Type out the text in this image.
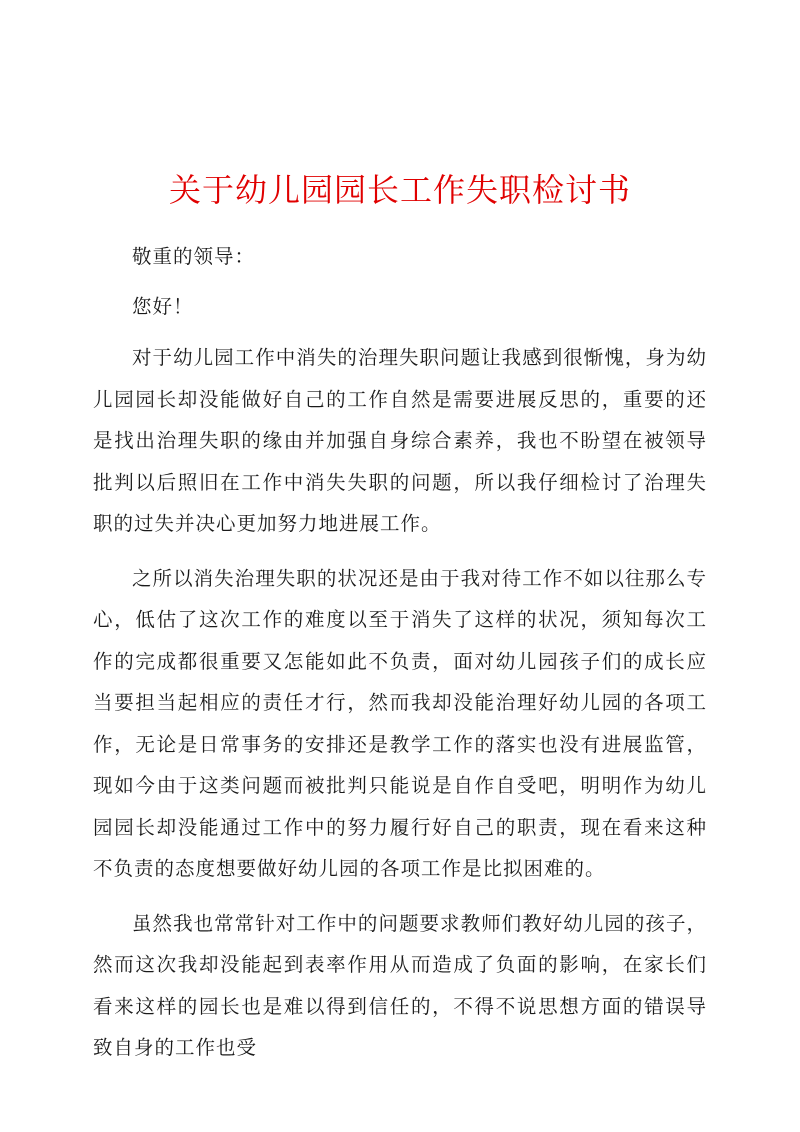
关于幼儿园园长工作失职检讨书

敬重的领导：

您好！

对于幼儿园工作中消失的治理失职问题让我感到很惭愧，身为幼儿园园长却没能做好自己的工作自然是需要进展反思的，重要的还是找出治理失职的缘由并加强自身综合素养，我也不盼望在被领导批判以后照旧在工作中消失失职的问题，所以我仔细检讨了治理失职的过失并决心更加努力地进展工作。

之所以消失治理失职的状况还是由于我对待工作不如以往那么专心，低估了这次工作的难度以至于消失了这样的状况，须知每次工作的完成都很重要又怎能如此不负责，面对幼儿园孩子们的成长应当要担当起相应的责任才行，然而我却没能治理好幼儿园的各项工作，无论是日常事务的安排还是教学工作的落实也没有进展监管，现如今由于这类问题而被批判只能说是自作自受吧，明明作为幼儿园园长却没能通过工作中的努力履行好自己的职责，现在看来这种不负责的态度想要做好幼儿园的各项工作是比拟困难的。

虽然我也常常针对工作中的问题要求教师们教好幼儿园的孩子，然而这次我却没能起到表率作用从而造成了负面的影响，在家长们看来这样的园长也是难以得到信任的，不得不说思想方面的错误导致自身的工作也受
